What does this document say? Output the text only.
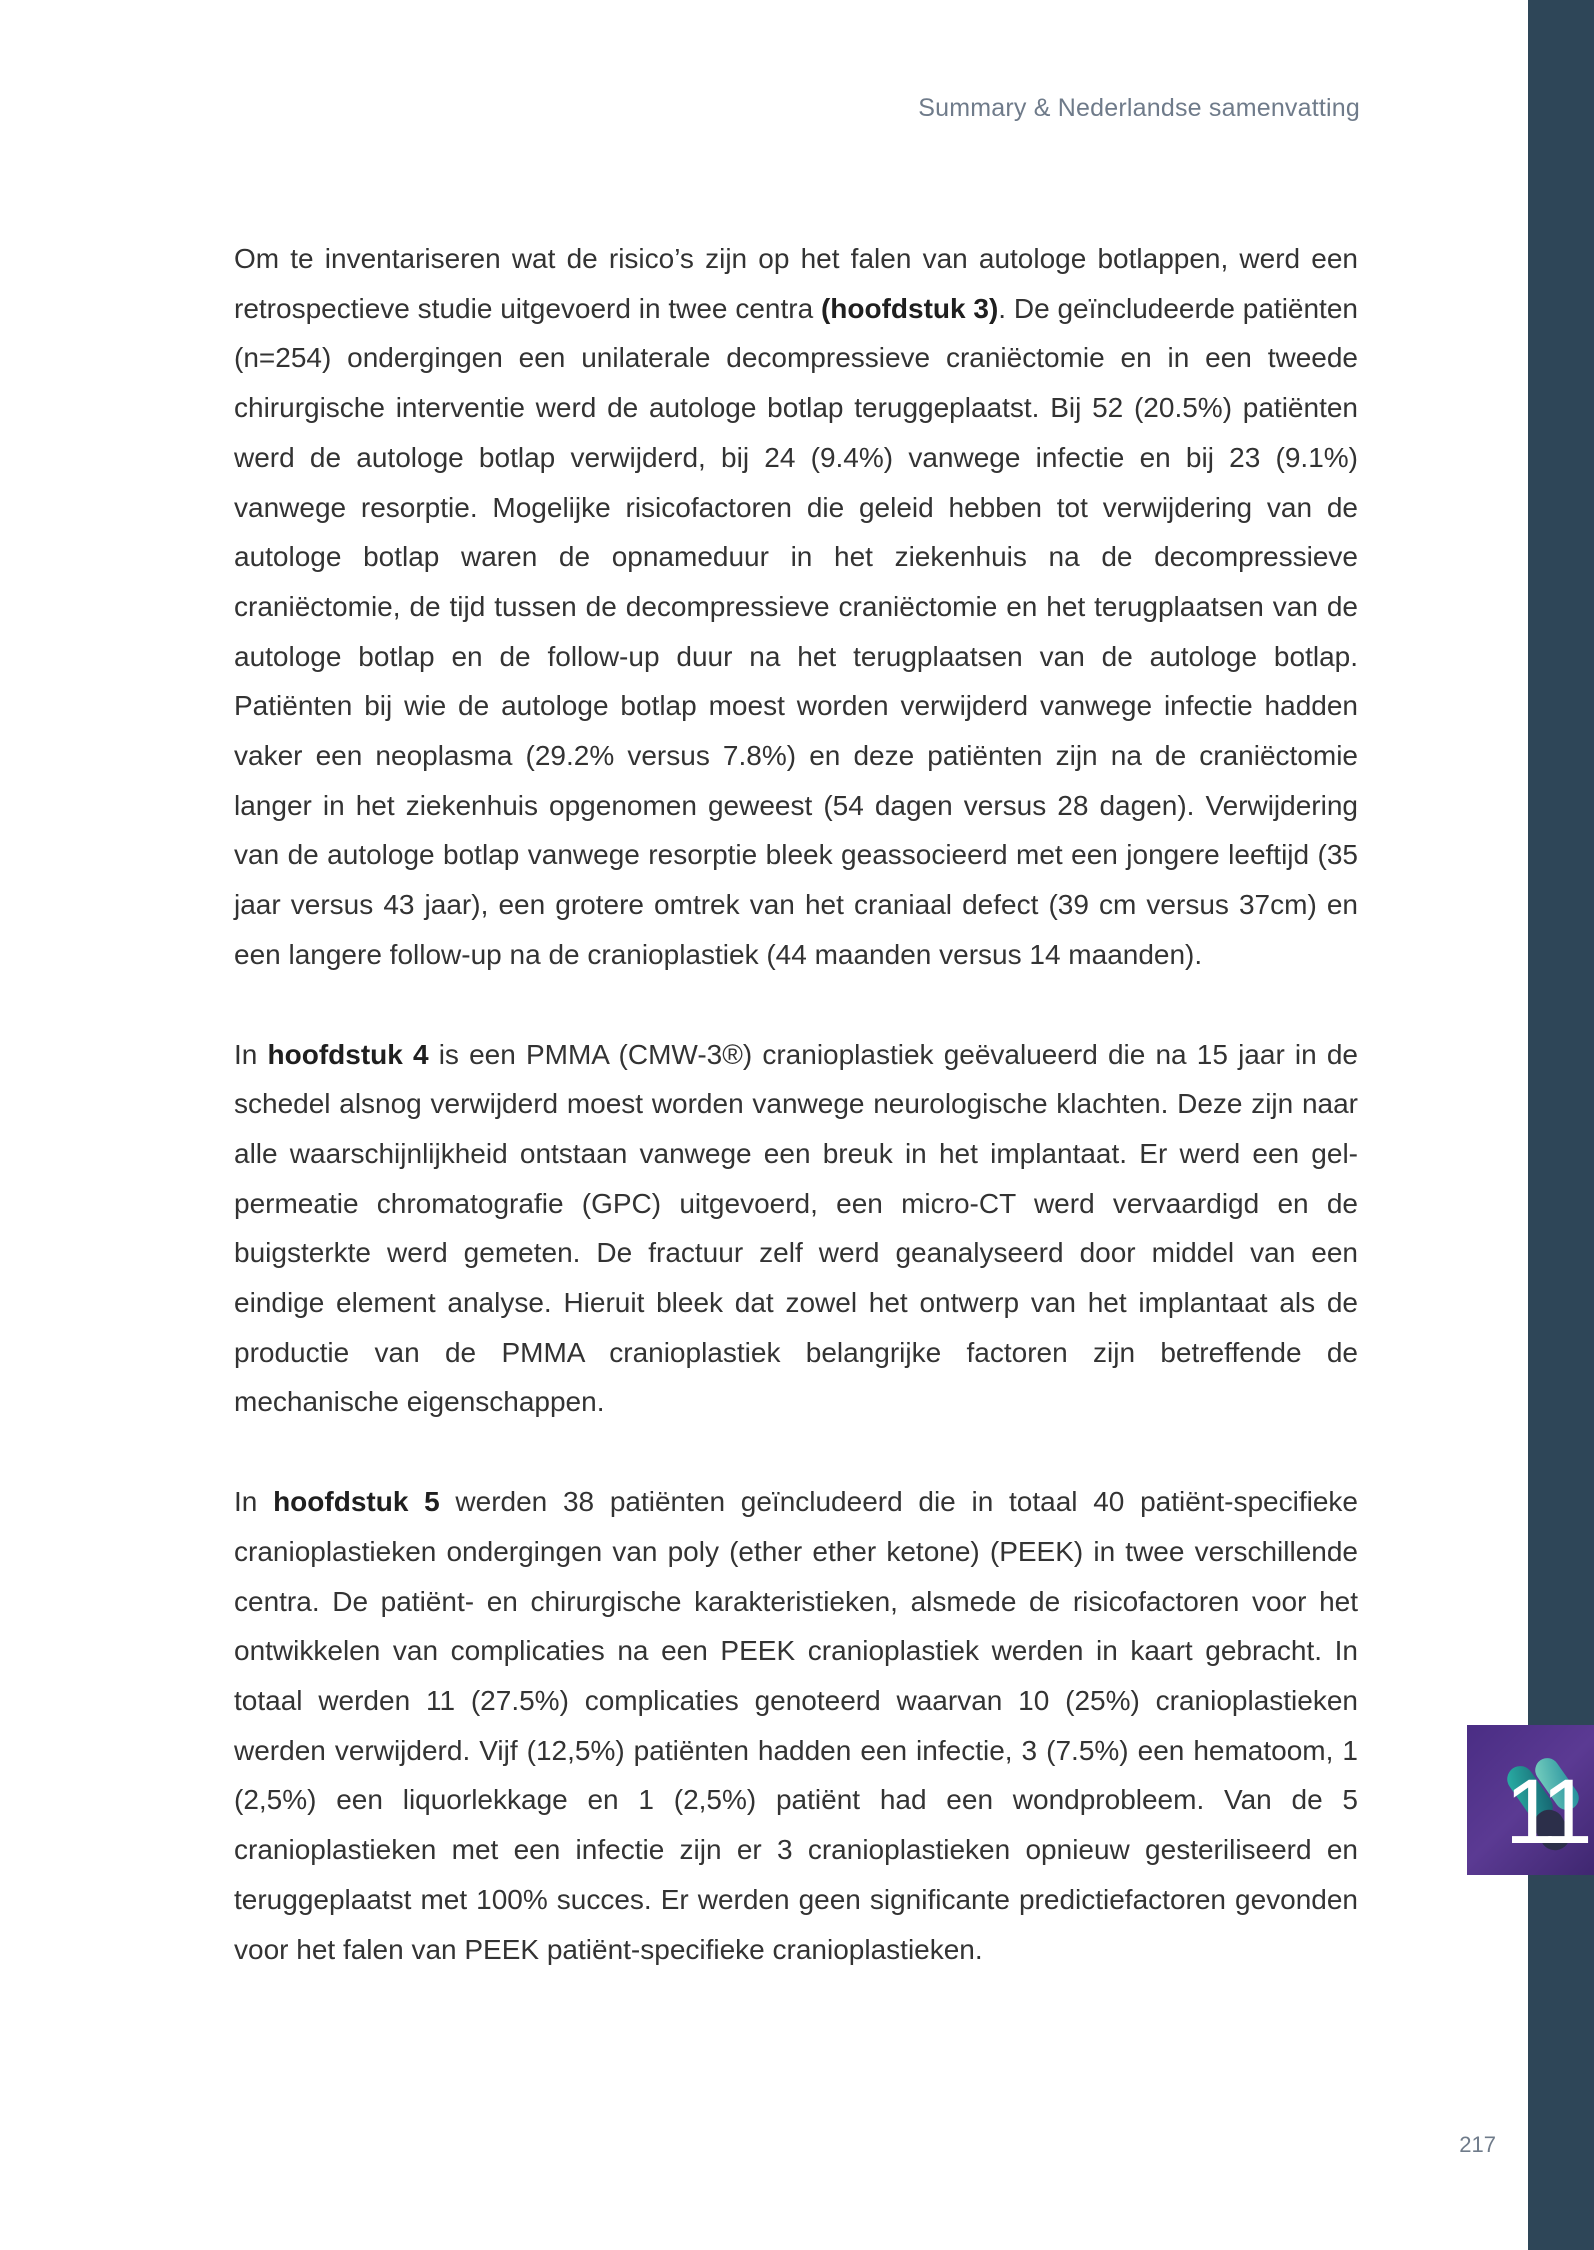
11
Summary & Nederlandse samenvatting

Om te inventariseren wat de risico’s zijn op het falen van autologe botlappen, werd een retrospectieve studie uitgevoerd in twee centra (hoofdstuk 3). De geïncludeerde patiënten (n=254) ondergingen een unilaterale decompressieve craniëctomie en in een tweede chirurgische interventie werd de autologe botlap teruggeplaatst. Bij 52 (20.5%) patiënten werd de autologe botlap verwijderd, bij 24 (9.4%) vanwege infectie en bij 23 (9.1%) vanwege resorptie. Mogelijke risicofactoren die geleid hebben tot verwijdering van de autologe botlap waren de opnameduur in het ziekenhuis na de decompressieve craniëctomie, de tijd tussen de decompressieve craniëctomie en het terugplaatsen van de autologe botlap en de follow-up duur na het terugplaatsen van de autologe botlap. Patiënten bij wie de autologe botlap moest worden verwijderd vanwege infectie hadden vaker een neoplasma (29.2% versus 7.8%) en deze patiënten zijn na de craniëctomie langer in het ziekenhuis opgenomen geweest (54 dagen versus 28 dagen). Verwijdering van de autologe botlap vanwege resorptie bleek geassocieerd met een jongere leeftijd (35 jaar versus 43 jaar), een grotere omtrek van het craniaal defect (39 cm versus 37cm) en een langere follow-up na de cranioplastiek (44 maanden versus 14 maanden).

In hoofdstuk 4 is een PMMA (CMW-3®) cranioplastiek geëvalueerd die na 15 jaar in de schedel alsnog verwijderd moest worden vanwege neurologische klachten. Deze zijn naar alle waarschijnlijkheid ontstaan vanwege een breuk in het implantaat. Er werd een gel-permeatie chromatografie (GPC) uitgevoerd, een micro-CT werd vervaardigd en de buigsterkte werd gemeten. De fractuur zelf werd geanalyseerd door middel van een eindige element analyse. Hieruit bleek dat zowel het ontwerp van het implantaat als de productie van de PMMA cranioplastiek belangrijke factoren zijn betreffende de mechanische eigenschappen.

In hoofdstuk 5 werden 38 patiënten geïncludeerd die in totaal 40 patiënt-specifieke cranioplastieken ondergingen van poly (ether ether ketone) (PEEK) in twee verschillende centra. De patiënt- en chirurgische karakteristieken, alsmede de risicofactoren voor het ontwikkelen van complicaties na een PEEK cranioplastiek werden in kaart gebracht. In totaal werden 11 (27.5%) complicaties genoteerd waarvan 10 (25%) cranioplastieken werden verwijderd. Vijf (12,5%) patiënten hadden een infectie, 3 (7.5%) een hematoom, 1 (2,5%) een liquorlekkage en 1 (2,5%) patiënt had een wondprobleem. Van de 5 cranioplastieken met een infectie zijn er 3 cranioplastieken opnieuw gesteriliseerd en teruggeplaatst met 100% succes. Er werden geen significante predictiefactoren gevonden voor het falen van PEEK patiënt-specifieke cranioplastieken.

217
